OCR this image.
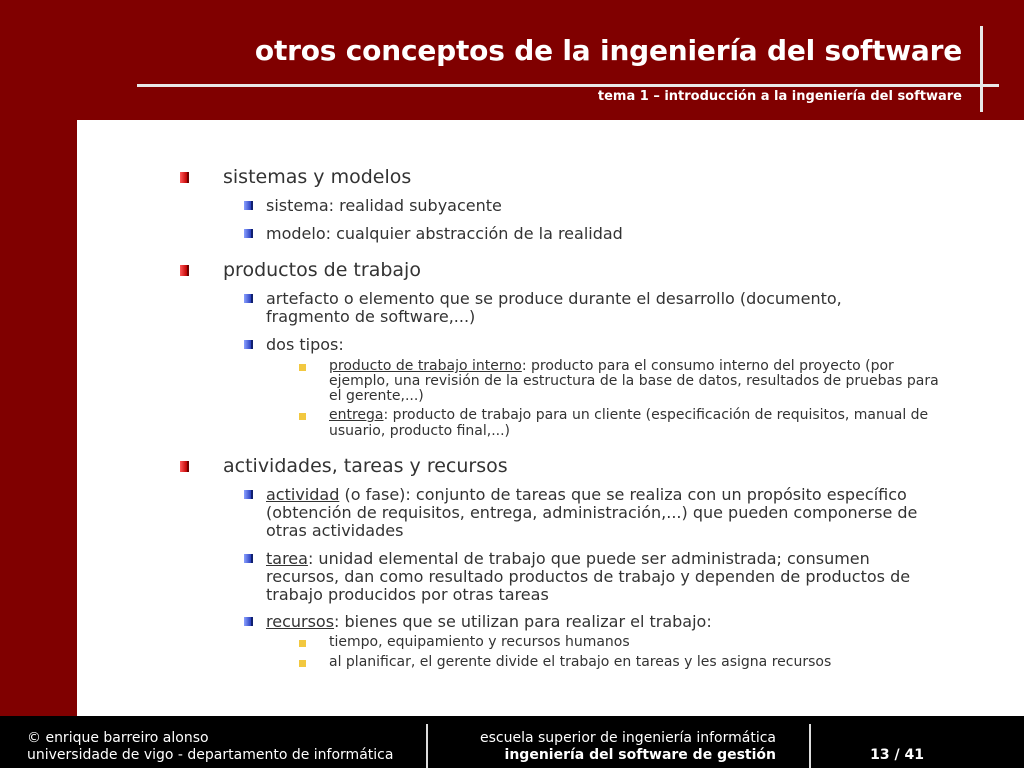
otros conceptos de la ingeniería del software
tema 1 – introducción a la ingeniería del software
sistemas y modelos
sistema: realidad subyacente
modelo: cualquier abstracción de la realidad
productos de trabajo
artefacto o elemento que se produce durante el desarrollo (documento,
fragmento de software,...)
dos tipos:
producto de trabajo interno: producto para el consumo interno del proyecto (por
ejemplo, una revisión de la estructura de la base de datos, resultados de pruebas para
el gerente,...)
entrega: producto de trabajo para un cliente (especificación de requisitos, manual de
usuario, producto final,...)
actividades, tareas y recursos
actividad (o fase): conjunto de tareas que se realiza con un propósito específico
(obtención de requisitos, entrega, administración,...) que pueden componerse de
otras actividades
tarea: unidad elemental de trabajo que puede ser administrada; consumen
recursos, dan como resultado productos de trabajo y dependen de productos de
trabajo producidos por otras tareas
recursos: bienes que se utilizan para realizar el trabajo:
tiempo, equipamiento y recursos humanos
al planificar, el gerente divide el trabajo en tareas y les asigna recursos
© enrique barreiro alonso
universidade de vigo - departamento de informática
escuela superior de ingeniería informática
ingeniería del software de gestión	13 / 41
